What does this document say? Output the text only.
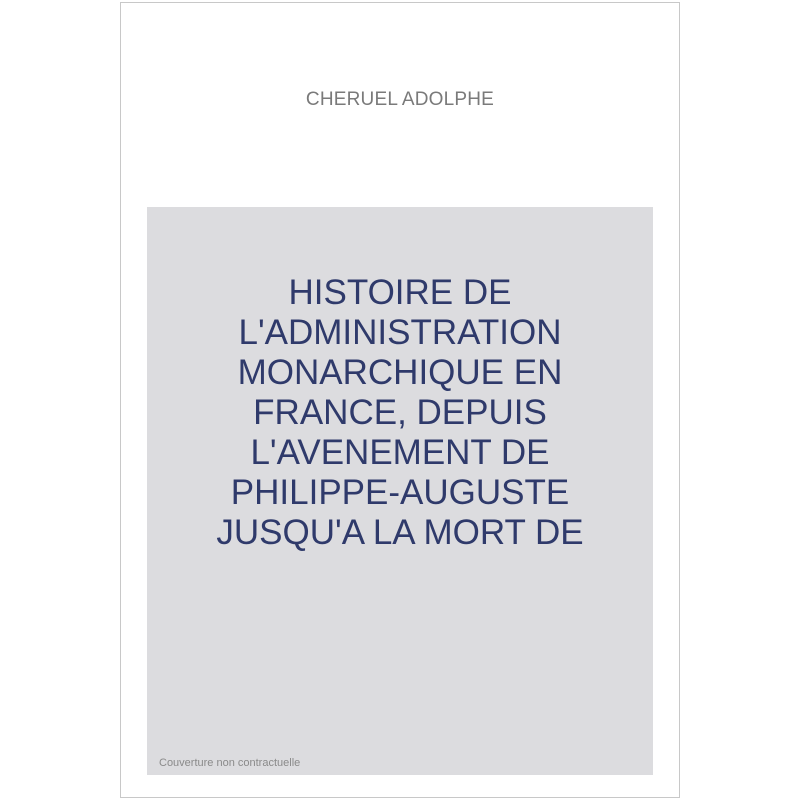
CHERUEL ADOLPHE
HISTOIRE DE
L'ADMINISTRATION
MONARCHIQUE EN
FRANCE, DEPUIS
L'AVENEMENT DE
PHILIPPE-AUGUSTE
JUSQU'A LA MORT DE
Couverture non contractuelle
